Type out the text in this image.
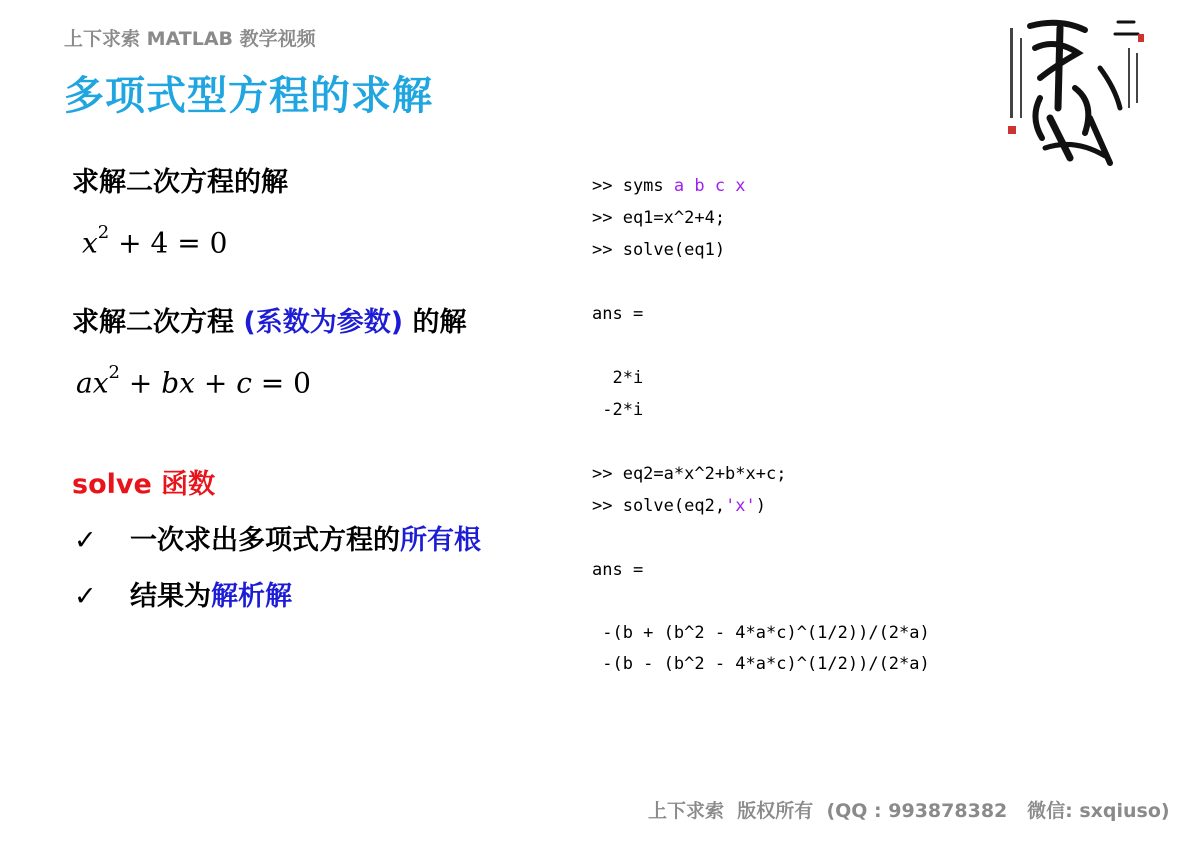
上下求索 MATLAB 教学视频
多项式型方程的求解
求解二次方程的解
$x^2 + 4 = 0$
求解二次方程 (系数为参数) 的解
$ax^2$ + bx + c = 0
solve 函数
✓ 一次求出多项式方程的所有根
✓ 结果为解析解
>> syms a b c x
>> eq1=x^2+4;
>> solve(eq1)
ans =
2*i
-2*i
>> eq2=a*x^2+b*x+c;
>> solve(eq2,'x')
ans =
-(b + (b^2 - 4*a*c)^(1/2))/(2*a)
-(b - (b^2 - 4*a*c)^(1/2))/(2*a)
上下求索  版权所有  (QQ : 993878382   微信: sxqiuso)
